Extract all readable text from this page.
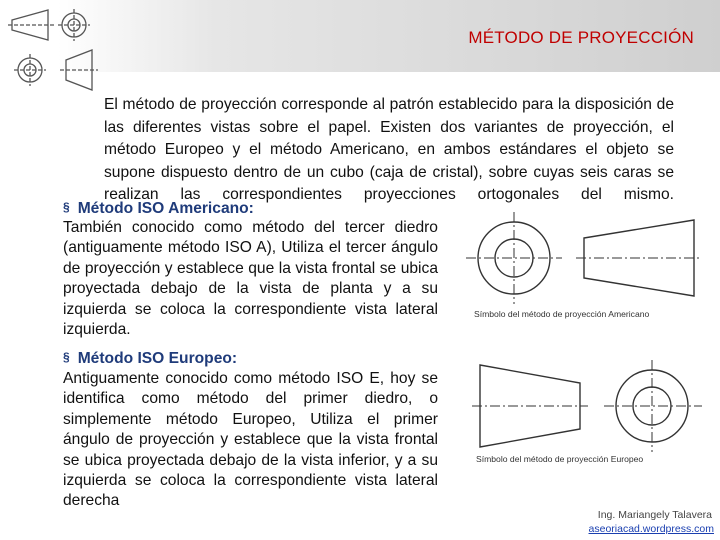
MÉTODO DE PROYECCIÓN

El método de proyección corresponde al patrón establecido para la disposición de las diferentes vistas sobre el papel. Existen dos variantes de proyección, el método Europeo y el método Americano, en ambos estándares el objeto se supone dispuesto dentro de un cubo (caja de cristal), sobre cuyas seis caras se realizan las correspondientes proyecciones ortogonales del mismo.

§ Método ISO Americano:

También conocido como método del tercer diedro (antiguamente método ISO A), Utiliza el tercer ángulo de proyección y establece que la vista frontal se ubica proyectada debajo de la vista de planta y a su izquierda se coloca la correspondiente vista lateral izquierda.

Símbolo del método de proyección Americano
§ Método ISO Europeo:

Antiguamente conocido como método ISO E, hoy se identifica como método del primer diedro, o simplemente método Europeo, Utiliza el primer ángulo de proyección y establece que la vista frontal se ubica proyectada debajo de la vista inferior, y a su izquierda se coloca la correspondiente vista lateral derecha

Símbolo del método de proyección Europeo
Ing. Mariangely Talavera
aseoriacad.wordpress.com
